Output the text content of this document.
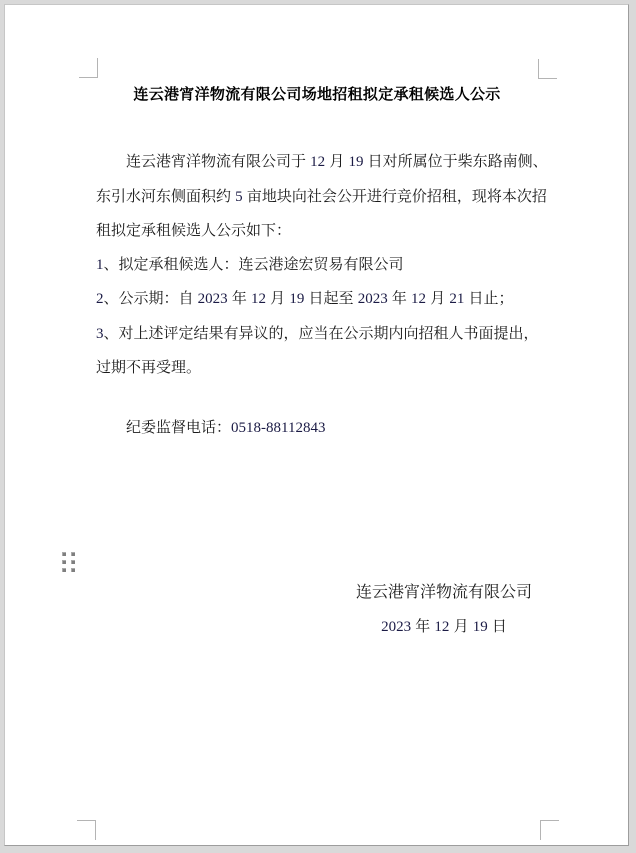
连云港宵洋物流有限公司场地招租拟定承租候选人公示
连云港宵洋物流有限公司于 12 月 19 日对所属位于柴东路南侧、
东引水河东侧面积约 5 亩地块向社会公开进行竞价招租，现将本次招
租拟定承租候选人公示如下：
1、拟定承租候选人：连云港途宏贸易有限公司
2、公示期：自 2023 年 12 月 19 日起至 2023 年 12 月 21 日止；
3、对上述评定结果有异议的，应当在公示期内向招租人书面提出，
过期不再受理。
纪委监督电话：0518-88112843
连云港宵洋物流有限公司
2023 年 12 月 19 日
